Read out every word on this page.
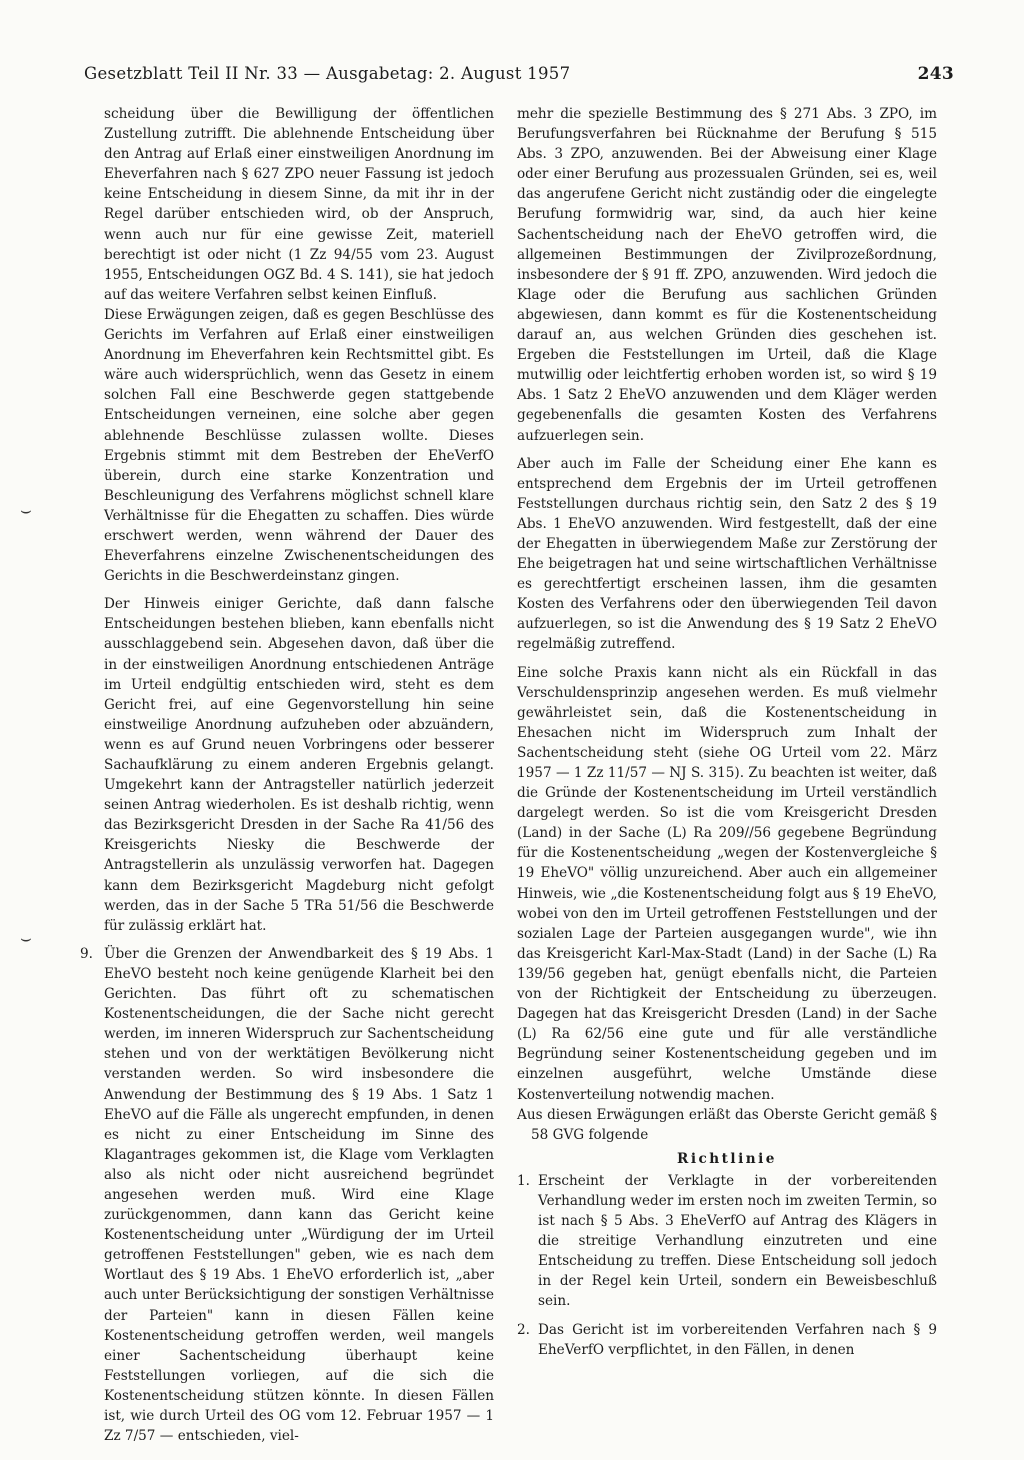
Gesetzblatt Teil II Nr. 33 — Ausgabetag: 2. August 1957	243
⌣
⌣

scheidung über die Bewilligung der öffentlichen Zustellung zutrifft. Die ablehnende Entscheidung über den Antrag auf Erlaß einer einstweiligen Anordnung im Eheverfahren nach § 627 ZPO neuer Fassung ist jedoch keine Entscheidung in diesem Sinne, da mit ihr in der Regel darüber entschieden wird, ob der Anspruch, wenn auch nur für eine gewisse Zeit, materiell berechtigt ist oder nicht (1 Zz 94/55 vom 23. August 1955, Entscheidungen OGZ Bd. 4 S. 141), sie hat jedoch auf das weitere Verfahren selbst keinen Einfluß.

Diese Erwägungen zeigen, daß es gegen Beschlüsse des Gerichts im Verfahren auf Erlaß einer einstweiligen Anordnung im Eheverfahren kein Rechtsmittel gibt. Es wäre auch widersprüchlich, wenn das Gesetz in einem solchen Fall eine Beschwerde gegen stattgebende Entscheidungen verneinen, eine solche aber gegen ablehnende Beschlüsse zulassen wollte. Dieses Ergebnis stimmt mit dem Bestreben der EheVerfO überein, durch eine starke Konzentration und Beschleunigung des Verfahrens möglichst schnell klare Verhältnisse für die Ehegatten zu schaffen. Dies würde erschwert werden, wenn während der Dauer des Eheverfahrens einzelne Zwischenentscheidungen des Gerichts in die Beschwerdeinstanz gingen.

Der Hinweis einiger Gerichte, daß dann falsche Entscheidungen bestehen blieben, kann ebenfalls nicht ausschlaggebend sein. Abgesehen davon, daß über die in der einstweiligen Anordnung entschiedenen Anträge im Urteil endgültig entschieden wird, steht es dem Gericht frei, auf eine Gegenvorstellung hin seine einstweilige Anordnung aufzuheben oder abzuändern, wenn es auf Grund neuen Vorbringens oder besserer Sachaufklärung zu einem anderen Ergebnis gelangt. Umgekehrt kann der Antragsteller natürlich jederzeit seinen Antrag wiederholen. Es ist deshalb richtig, wenn das Bezirksgericht Dresden in der Sache Ra 41/56 des Kreisgerichts Niesky die Beschwerde der Antragstellerin als unzulässig verworfen hat. Dagegen kann dem Bezirksgericht Magdeburg nicht gefolgt werden, das in der Sache 5 TRa 51/56 die Beschwerde für zulässig erklärt hat.

9. Über die Grenzen der Anwendbarkeit des § 19 Abs. 1 EheVO besteht noch keine genügende Klarheit bei den Gerichten. Das führt oft zu schematischen Kostenentscheidungen, die der Sache nicht gerecht werden, im inneren Widerspruch zur Sachentscheidung stehen und von der werktätigen Bevölkerung nicht verstanden werden. So wird insbesondere die Anwendung der Bestimmung des § 19 Abs. 1 Satz 1 EheVO auf die Fälle als ungerecht empfunden, in denen es nicht zu einer Entscheidung im Sinne des Klagantrages gekommen ist, die Klage vom Verklagten also als nicht oder nicht ausreichend begründet angesehen werden muß. Wird eine Klage zurückgenommen, dann kann das Gericht keine Kostenentscheidung unter „Würdigung der im Urteil getroffenen Feststellungen" geben, wie es nach dem Wortlaut des § 19 Abs. 1 EheVO erforderlich ist, „aber auch unter Berücksichtigung der sonstigen Verhältnisse der Parteien" kann in diesen Fällen keine Kostenentscheidung getroffen werden, weil mangels einer Sachentscheidung überhaupt keine Feststellungen vorliegen, auf die sich die Kostenentscheidung stützen könnte. In diesen Fällen ist, wie durch Urteil des OG vom 12. Februar 1957 — 1 Zz 7/57 — entschieden, viel-

mehr die spezielle Bestimmung des § 271 Abs. 3 ZPO, im Berufungsverfahren bei Rücknahme der Berufung § 515 Abs. 3 ZPO, anzuwenden. Bei der Abweisung einer Klage oder einer Berufung aus prozessualen Gründen, sei es, weil das angerufene Gericht nicht zuständig oder die eingelegte Berufung formwidrig war, sind, da auch hier keine Sachentscheidung nach der EheVO getroffen wird, die allgemeinen Bestimmungen der Zivilprozeßordnung, insbesondere der § 91 ff. ZPO, anzuwenden. Wird jedoch die Klage oder die Berufung aus sachlichen Gründen abgewiesen, dann kommt es für die Kostenentscheidung darauf an, aus welchen Gründen dies geschehen ist. Ergeben die Feststellungen im Urteil, daß die Klage mutwillig oder leichtfertig erhoben worden ist, so wird § 19 Abs. 1 Satz 2 EheVO anzuwenden und dem Kläger werden gegebenenfalls die gesamten Kosten des Verfahrens aufzuerlegen sein.

Aber auch im Falle der Scheidung einer Ehe kann es entsprechend dem Ergebnis der im Urteil getroffenen Feststellungen durchaus richtig sein, den Satz 2 des § 19 Abs. 1 EheVO anzuwenden. Wird festgestellt, daß der eine der Ehegatten in überwiegendem Maße zur Zerstörung der Ehe beigetragen hat und seine wirtschaftlichen Verhältnisse es gerechtfertigt erscheinen lassen, ihm die gesamten Kosten des Verfahrens oder den überwiegenden Teil davon aufzuerlegen, so ist die Anwendung des § 19 Satz 2 EheVO regelmäßig zutreffend.

Eine solche Praxis kann nicht als ein Rückfall in das Verschuldensprinzip angesehen werden. Es muß vielmehr gewährleistet sein, daß die Kostenentscheidung in Ehesachen nicht im Widerspruch zum Inhalt der Sachentscheidung steht (siehe OG Urteil vom 22. März 1957 — 1 Zz 11/57 — NJ S. 315). Zu beachten ist weiter, daß die Gründe der Kostenentscheidung im Urteil verständlich dargelegt werden. So ist die vom Kreisgericht Dresden (Land) in der Sache (L) Ra 209//56 gegebene Begründung für die Kostenentscheidung „wegen der Kostenvergleiche § 19 EheVO" völlig unzureichend. Aber auch ein allgemeiner Hinweis, wie „die Kostenentscheidung folgt aus § 19 EheVO, wobei von den im Urteil getroffenen Feststellungen und der sozialen Lage der Parteien ausgegangen wurde", wie ihn das Kreisgericht Karl-Max-Stadt (Land) in der Sache (L) Ra 139/56 gegeben hat, genügt ebenfalls nicht, die Parteien von der Richtigkeit der Entscheidung zu überzeugen. Dagegen hat das Kreisgericht Dresden (Land) in der Sache (L) Ra 62/56 eine gute und für alle verständliche Begründung seiner Kostenentscheidung gegeben und im einzelnen ausgeführt, welche Umstände diese Kostenverteilung notwendig machen.

Aus diesen Erwägungen erläßt das Oberste Gericht gemäß § 58 GVG folgende

Richtlinie

1. Erscheint der Verklagte in der vorbereitenden Verhandlung weder im ersten noch im zweiten Termin, so ist nach § 5 Abs. 3 EheVerfO auf Antrag des Klägers in die streitige Verhandlung einzutreten und eine Entscheidung zu treffen. Diese Entscheidung soll jedoch in der Regel kein Urteil, sondern ein Beweisbeschluß sein.

2. Das Gericht ist im vorbereitenden Verfahren nach § 9 EheVerfO verpflichtet, in den Fällen, in denen
